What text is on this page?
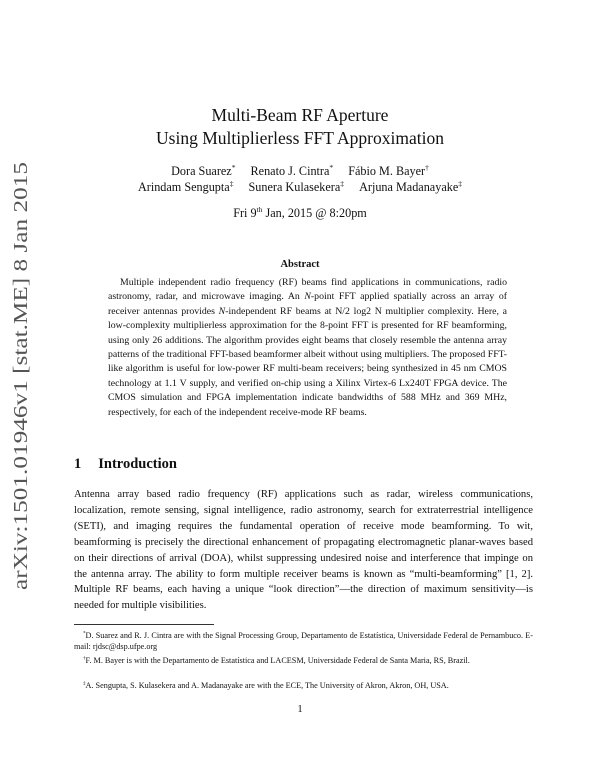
arXiv:1501.01946v1 [stat.ME] 8 Jan 2015
Multi-Beam RF Aperture
Using Multiplierless FFT Approximation
Dora Suarez* Renato J. Cintra* Fábio M. Bayer†
Arindam Sengupta‡ Sunera Kulasekera‡ Arjuna Madanayake‡
Fri 9th Jan, 2015 @ 8:20pm
Abstract
Multiple independent radio frequency (RF) beams find applications in communications, radio astronomy, radar, and microwave imaging. An N-point FFT applied spatially across an array of receiver antennas provides N-independent RF beams at N/2 log2 N multiplier complexity. Here, a low-complexity multiplierless approximation for the 8-point FFT is presented for RF beamforming, using only 26 additions. The algorithm provides eight beams that closely resemble the antenna array patterns of the traditional FFT-based beamformer albeit without using multipliers. The proposed FFT-like algorithm is useful for low-power RF multi-beam receivers; being synthesized in 45 nm CMOS technology at 1.1 V supply, and verified on-chip using a Xilinx Virtex-6 Lx240T FPGA device. The CMOS simulation and FPGA implementation indicate bandwidths of 588 MHz and 369 MHz, respectively, for each of the independent receive-mode RF beams.
1 Introduction
Antenna array based radio frequency (RF) applications such as radar, wireless communications, localization, remote sensing, signal intelligence, radio astronomy, search for extraterrestrial intelligence (SETI), and imaging requires the fundamental operation of receive mode beamforming. To wit, beamforming is precisely the directional enhancement of propagating electromagnetic planar-waves based on their directions of arrival (DOA), whilst suppressing undesired noise and interference that impinge on the antenna array. The ability to form multiple receiver beams is known as “multi-beamforming” [1, 2]. Multiple RF beams, each having a unique “look direction”—the direction of maximum sensitivity—is needed for multiple visibilities.
*D. Suarez and R. J. Cintra are with the Signal Processing Group, Departamento de Estatística, Universidade Federal de Pernambuco. E-mail: rjdsc@dsp.ufpe.org
†F. M. Bayer is with the Departamento de Estatística and LACESM, Universidade Federal de Santa Maria, RS, Brazil.
‡A. Sengupta, S. Kulasekera and A. Madanayake are with the ECE, The University of Akron, Akron, OH, USA.
1
